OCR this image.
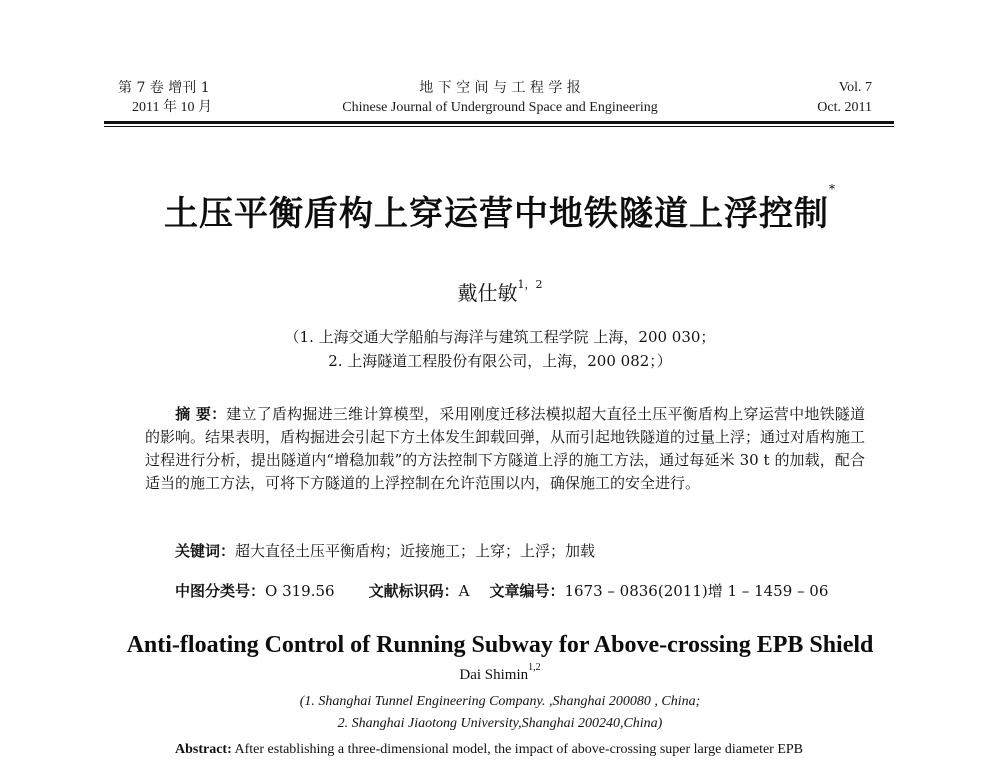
第 7 卷 增刊 1
2011 年 10 月
地 下 空 间 与 工 程 学 报
Chinese Journal of Underground Space and Engineering
Vol. 7
Oct. 2011
土压平衡盾构上穿运营中地铁隧道上浮控制*
戴仕敏$^{1,2}$
（1. 上海交通大学船舶与海洋与建筑工程学院 上海，200 030；
2. 上海隧道工程股份有限公司，上海，200 082；）
摘 要：建立了盾构掘进三维计算模型，采用刚度迁移法模拟超大直径土压平衡盾构上穿运营中地铁隧道的影响。结果表明，盾构掘进会引起下方土体发生卸载回弹，从而引起地铁隧道的过量上浮；通过对盾构施工过程进行分析，提出隧道内“增稳加载”的方法控制下方隧道上浮的施工方法，通过每延米 30 t 的加载，配合适当的施工方法，可将下方隧道的上浮控制在允许范围以内，确保施工的安全进行。
关键词：超大直径土压平衡盾构；近接施工；上穿；上浮；加载
中图分类号：O 319.56 文献标识码：A 文章编号：1673 – 0836(2011)增 1 – 1459 – 06
Anti-floating Control of Running Subway for Above-crossing EPB Shield
Dai Shimin$^{1,2}$
(1. Shanghai Tunnel Engineering Company. ,Shanghai 200080 , China;
2. Shanghai Jiaotong University,Shanghai 200240,China)
Abstract: After establishing a three-dimensional model, the impact of above-crossing super large diameter EPB
